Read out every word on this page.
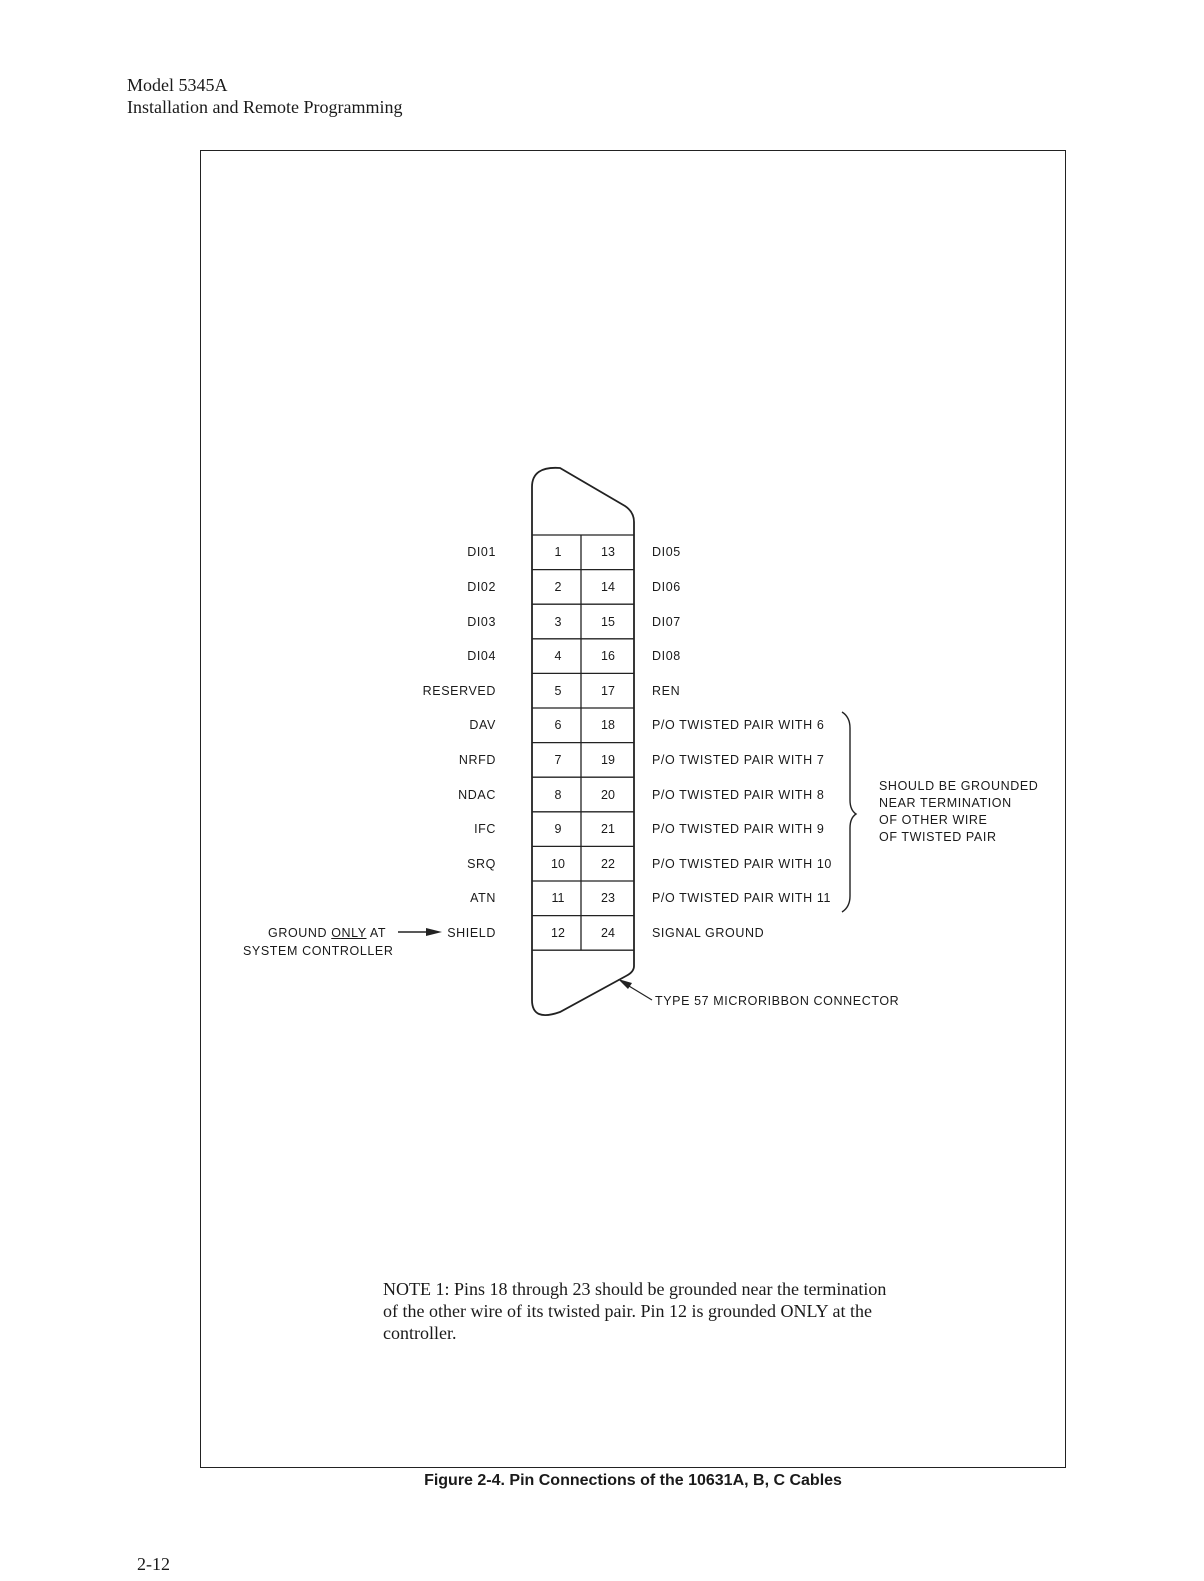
Model 5345A
Installation and Remote Programming
DI01	1	13	DI05
DI02	2	14	DI06
DI03	3	15	DI07
DI04	4	16	DI08
RESERVED	5	17	REN
DAV	6	18	P/O TWISTED PAIR WITH 6
NRFD	7	19	P/O TWISTED PAIR WITH 7
NDAC	8	20	P/O TWISTED PAIR WITH 8
IFC	9	21	P/O TWISTED PAIR WITH 9
SRQ	10	22	P/O TWISTED PAIR WITH 10
ATN	11	23	P/O TWISTED PAIR WITH 11
SHIELD	12	24	SIGNAL GROUND
GROUND ONLY AT
SYSTEM CONTROLLER
SHOULD BE GROUNDED
NEAR TERMINATION
OF OTHER WIRE
OF TWISTED PAIR
TYPE 57 MICRORIBBON CONNECTOR
NOTE 1: Pins 18 through 23 should be grounded near the termination of the other wire of its twisted pair. Pin 12 is grounded ONLY at the controller.
Figure 2-4. Pin Connections of the 10631A, B, C Cables
2-12
